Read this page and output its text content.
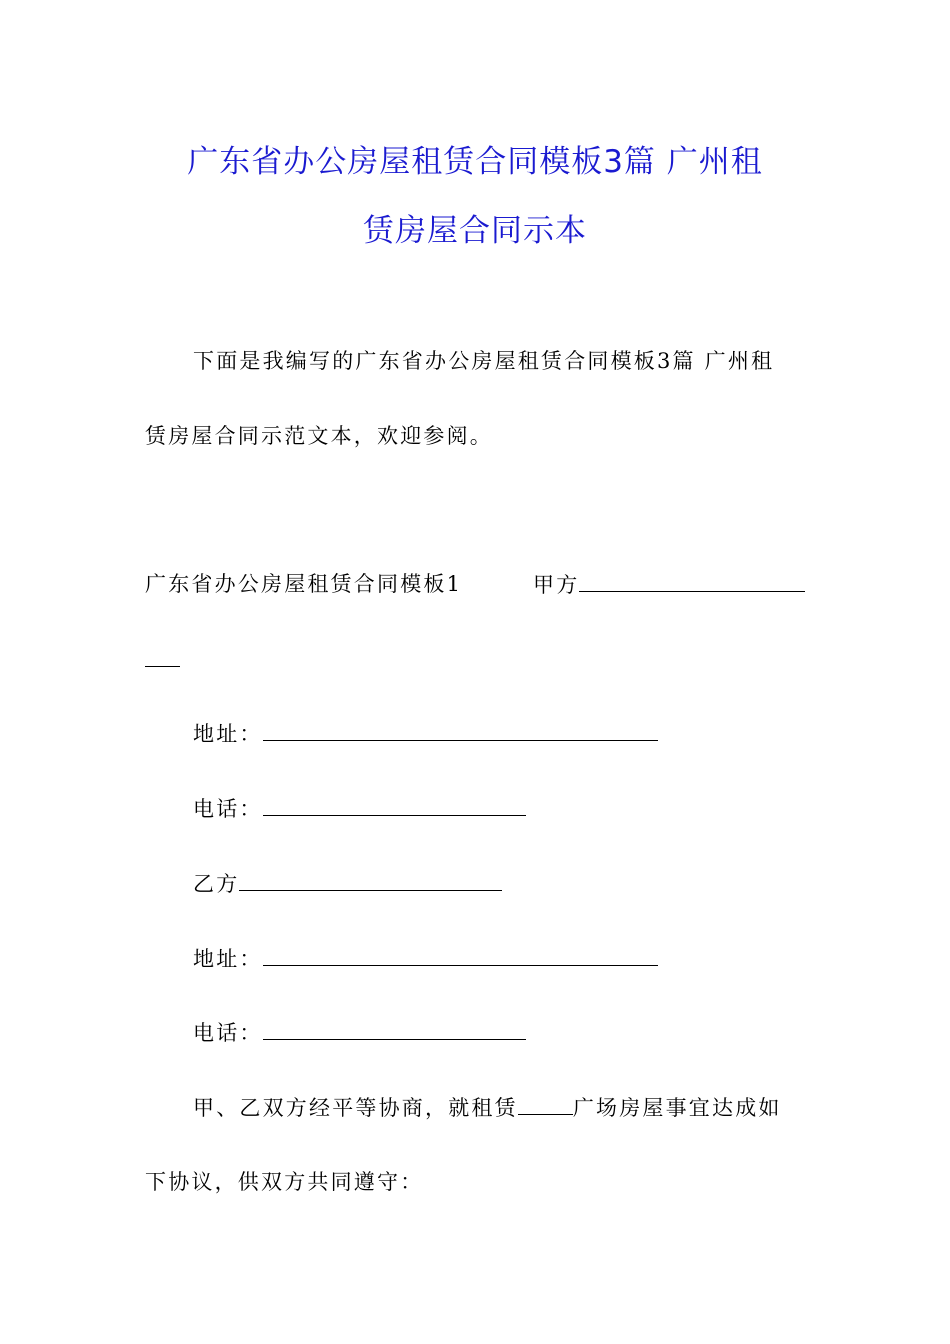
广东省办公房屋租赁合同模板3篇 广州租
赁房屋合同示本
下面是我编写的广东省办公房屋租赁合同模板3篇 广州租
赁房屋合同示范文本，欢迎参阅。
广东省办公房屋租赁合同模板1	甲方
地址：
电话：
乙方
地址：
电话：
甲、乙双方经平等协商，就租赁	广场房屋事宜达成如
下协议，供双方共同遵守：
